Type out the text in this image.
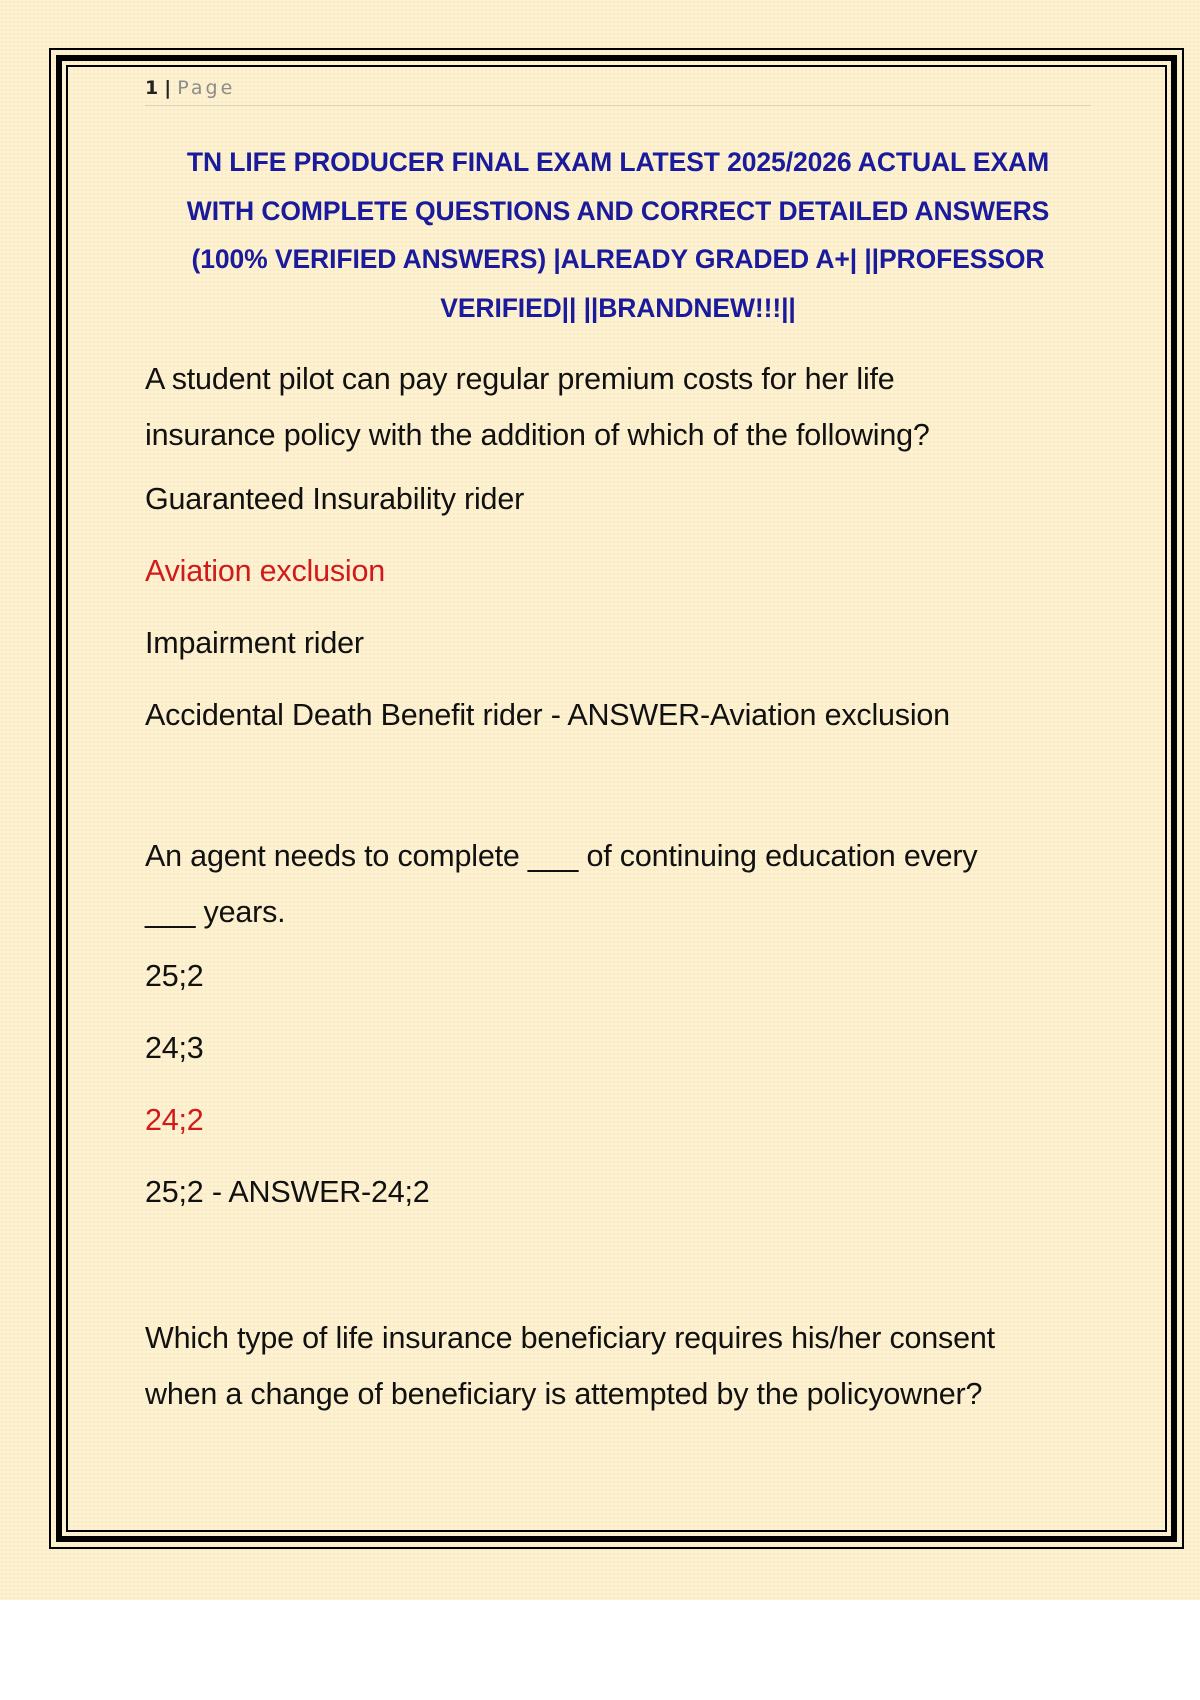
1 | Page
TN LIFE PRODUCER FINAL EXAM LATEST 2025/2026 ACTUAL EXAM
WITH COMPLETE QUESTIONS AND CORRECT DETAILED ANSWERS
(100% VERIFIED ANSWERS) |ALREADY GRADED A+| ||PROFESSOR
VERIFIED|| ||BRANDNEW!!!||

A student pilot can pay regular premium costs for her life

insurance policy with the addition of which of the following?

Guaranteed Insurability rider

Aviation exclusion

Impairment rider

Accidental Death Benefit rider - ANSWER-Aviation exclusion

An agent needs to complete ___ of continuing education every

___ years.

25;2

24;3

24;2

25;2 - ANSWER-24;2

Which type of life insurance beneficiary requires his/her consent

when a change of beneficiary is attempted by the policyowner?
